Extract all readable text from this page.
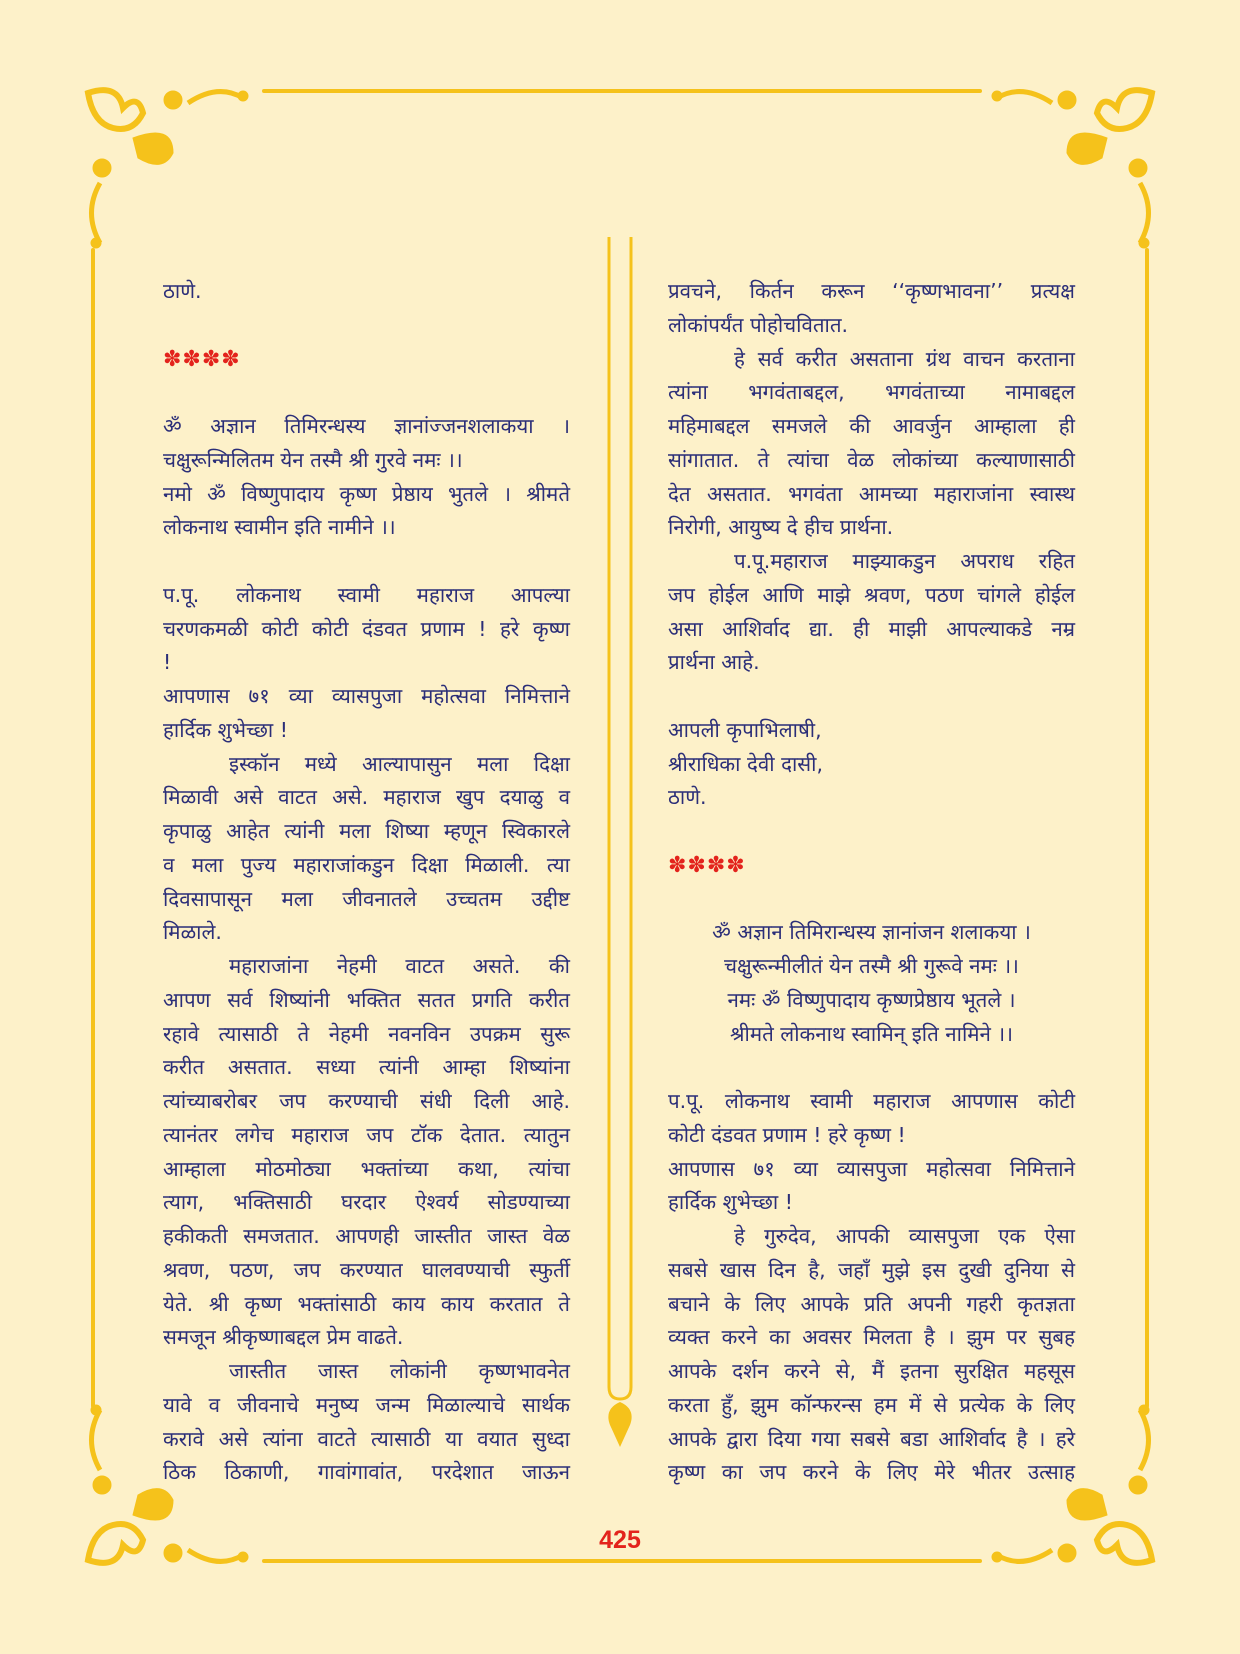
ठाणे.
✽✽✽✽
ॐ अज्ञान तिमिरन्धस्य ज्ञानांज्जनशलाकया ।
चक्षुरून्मिलितम येन तस्मै श्री गुरवे नमः ।।
नमो ॐ विष्णुपादाय कृष्ण प्रेष्ठाय भुतले । श्रीमते
लोकनाथ स्वामीन इति नामीने ।।
प.पू. लोकनाथ स्वामी महाराज आपल्या
चरणकमळी कोटी कोटी दंडवत प्रणाम ! हरे कृष्ण
!
आपणास ७१ व्या व्यासपुजा महोत्सवा निमित्ताने
हार्दिक शुभेच्छा !
इस्कॉन मध्ये आल्यापासुन मला दिक्षा
मिळावी असे वाटत असे. महाराज खुप दयाळु व
कृपाळु आहेत त्यांनी मला शिष्या म्हणून स्विकारले
व मला पुज्य महाराजांकडुन दिक्षा मिळाली. त्या
दिवसापासून मला जीवनातले उच्चतम उद्दीष्ट
मिळाले.
महाराजांना नेहमी वाटत असते. की
आपण सर्व शिष्यांनी भक्तित सतत प्रगति करीत
रहावे त्यासाठी ते नेहमी नवनविन उपक्रम सुरू
करीत असतात. सध्या त्यांनी आम्हा शिष्यांना
त्यांच्याबरोबर जप करण्याची संधी दिली आहे.
त्यानंतर लगेच महाराज जप टॉक देतात. त्यातुन
आम्हाला मोठमोठ्या भक्तांच्या कथा, त्यांचा
त्याग, भक्तिसाठी घरदार ऐश्वर्य सोडण्याच्या
हकीकती समजतात. आपणही जास्तीत जास्त वेळ
श्रवण, पठण, जप करण्यात घालवण्याची स्फुर्ती
येते. श्री कृष्ण भक्तांसाठी काय काय करतात ते
समजून श्रीकृष्णाबद्दल प्रेम वाढते.
जास्तीत जास्त लोकांनी कृष्णभावनेत
यावे व जीवनाचे मनुष्य जन्म मिळाल्याचे सार्थक
करावे असे त्यांना वाटते त्यासाठी या वयात सुध्दा
ठिक ठिकाणी, गावांगावांत, परदेशात जाऊन
प्रवचने, किर्तन करून ‘‘कृष्णभावना’’ प्रत्यक्ष
लोकांपर्यंत पोहोचवितात.
हे सर्व करीत असताना ग्रंथ वाचन करताना
त्यांना भगवंताबद्दल, भगवंताच्या नामाबद्दल
महिमाबद्दल समजले की आवर्जुन आम्हाला ही
सांगातात. ते त्यांचा वेळ लोकांच्या कल्याणासाठी
देत असतात. भगवंता आमच्या महाराजांना स्वास्थ
निरोगी, आयुष्य दे हीच प्रार्थना.
प.पू.महाराज माझ्याकडुन अपराध रहित
जप होईल आणि माझे श्रवण, पठण चांगले होईल
असा आशिर्वाद द्या. ही माझी आपल्याकडे नम्र
प्रार्थना आहे.
आपली कृपाभिलाषी,
श्रीराधिका देवी दासी,
ठाणे.
✽✽✽✽
ॐ अज्ञान तिमिरान्धस्य ज्ञानांजन शलाकया ।
चक्षुरून्मीलीतं येन तस्मै श्री गुरूवे नमः ।।
नमः ॐ विष्णुपादाय कृष्णप्रेष्ठाय भूतले ।
श्रीमते लोकनाथ स्वामिन् इति नामिने ।।
प.पू. लोकनाथ स्वामी महाराज आपणास कोटी
कोटी दंडवत प्रणाम ! हरे कृष्ण !
आपणास ७१ व्या व्यासपुजा महोत्सवा निमित्ताने
हार्दिक शुभेच्छा !
हे गुरुदेव, आपकी व्यासपुजा एक ऐसा
सबसे खास दिन है, जहाँ मुझे इस दुखी दुनिया से
बचाने के लिए आपके प्रति अपनी गहरी कृतज्ञता
व्यक्त करने का अवसर मिलता है । झुम पर सुबह
आपके दर्शन करने से, मैं इतना सुरक्षित महसूस
करता हुँ, झुम कॉन्फरन्स हम में से प्रत्येक के लिए
आपके द्वारा दिया गया सबसे बडा आशिर्वाद है । हरे
कृष्ण का जप करने के लिए मेरे भीतर उत्साह
425
